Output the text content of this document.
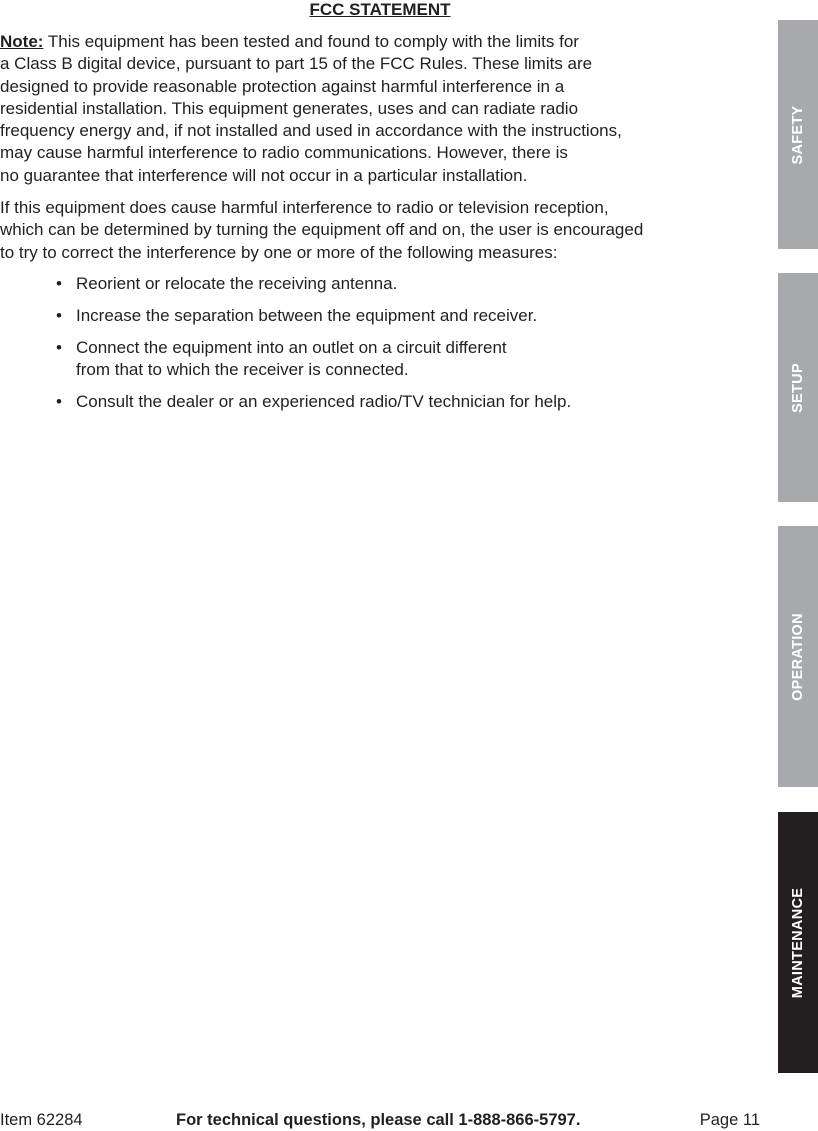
FCC STATEMENT
Note: This equipment has been tested and found to comply with the limits for
a Class B digital device, pursuant to part 15 of the FCC Rules. These limits are
designed to provide reasonable protection against harmful interference in a
residential installation. This equipment generates, uses and can radiate radio
frequency energy and, if not installed and used in accordance with the instructions,
may cause harmful interference to radio communications. However, there is
no guarantee that interference will not occur in a particular installation.
If this equipment does cause harmful interference to radio or television reception,
which can be determined by turning the equipment off and on, the user is encouraged
to try to correct the interference by one or more of the following measures:
• Reorient or relocate the receiving antenna.
• Increase the separation between the equipment and receiver.
• Connect the equipment into an outlet on a circuit different
from that to which the receiver is connected.
• Consult the dealer or an experienced radio/TV technician for help.
SAFETY
SETUP
OPERATION
MAINTENANCE
Item 62284	For technical questions, please call 1-888-866-5797.	Page 11
